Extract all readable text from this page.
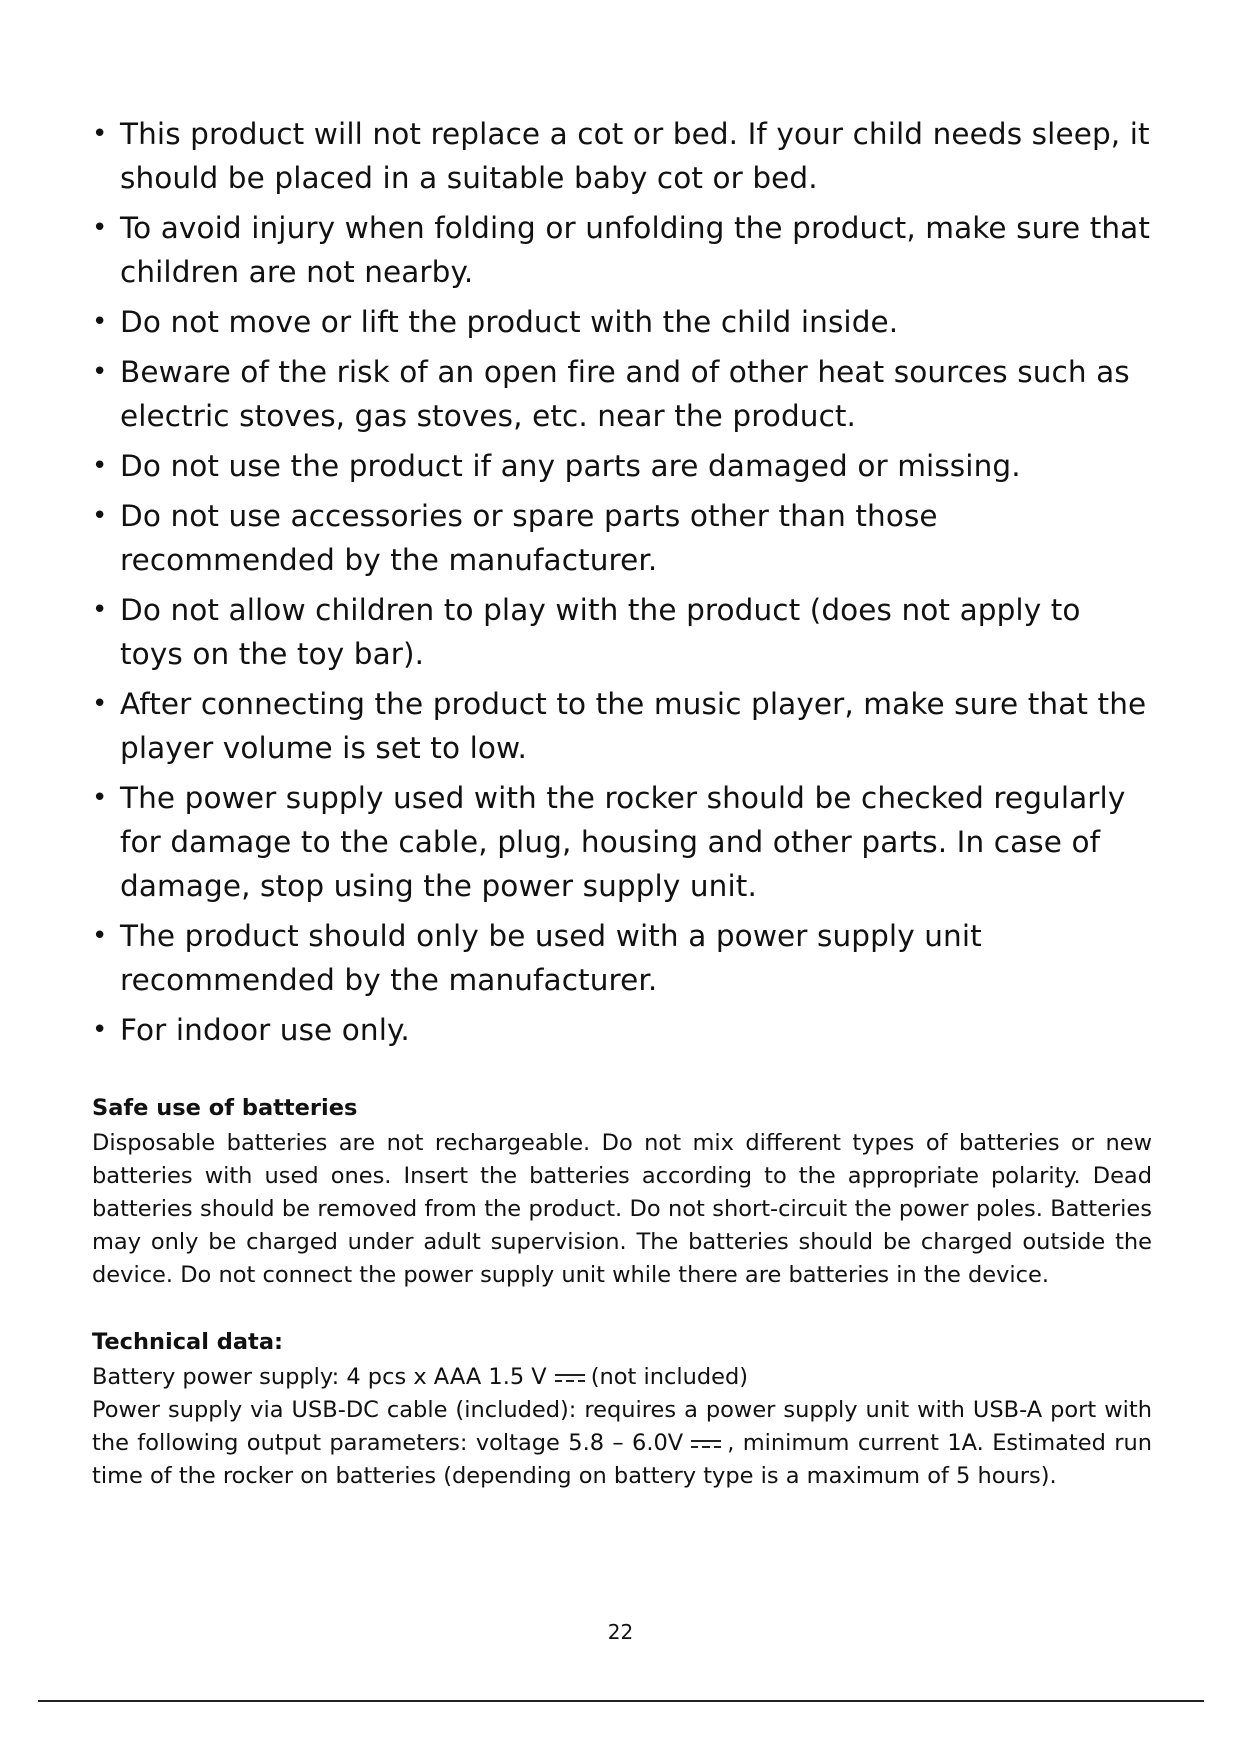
• This product will not replace a cot or bed. If your child needs sleep, it should be placed in a suitable baby cot or bed.
• To avoid injury when folding or unfolding the product, make sure that children are not nearby.
• Do not move or lift the product with the child inside.
• Beware of the risk of an open fire and of other heat sources such as electric stoves, gas stoves, etc. near the product.
• Do not use the product if any parts are damaged or missing.
• Do not use accessories or spare parts other than those recommended by the manufacturer.
• Do not allow children to play with the product (does not apply to toys on the toy bar).
• After connecting the product to the music player, make sure that the player volume is set to low.
• The power supply used with the rocker should be checked regularly for damage to the cable, plug, housing and other parts. In case of damage, stop using the power supply unit.
• The product should only be used with a power supply unit recommended by the manufacturer.
• For indoor use only.

Safe use of batteries

Disposable batteries are not rechargeable. Do not mix different types of batteries or new batteries with used ones. Insert the batteries according to the appropriate polarity. Dead batteries should be removed from the product. Do not short-circuit the power poles. Batteries may only be charged under adult supervision. The batteries should be charged outside the device. Do not connect the power supply unit while there are batteries in the device.

Technical data:

Battery power supply: 4 pcs x AAA 1.5 V (not included)

Power supply via USB-DC cable (included): requires a power supply unit with USB-A port with the following output parameters: voltage 5.8 – 6.0V , minimum current 1A. Estimated run time of the rocker on batteries (depending on battery type is a maximum of 5 hours).

22
